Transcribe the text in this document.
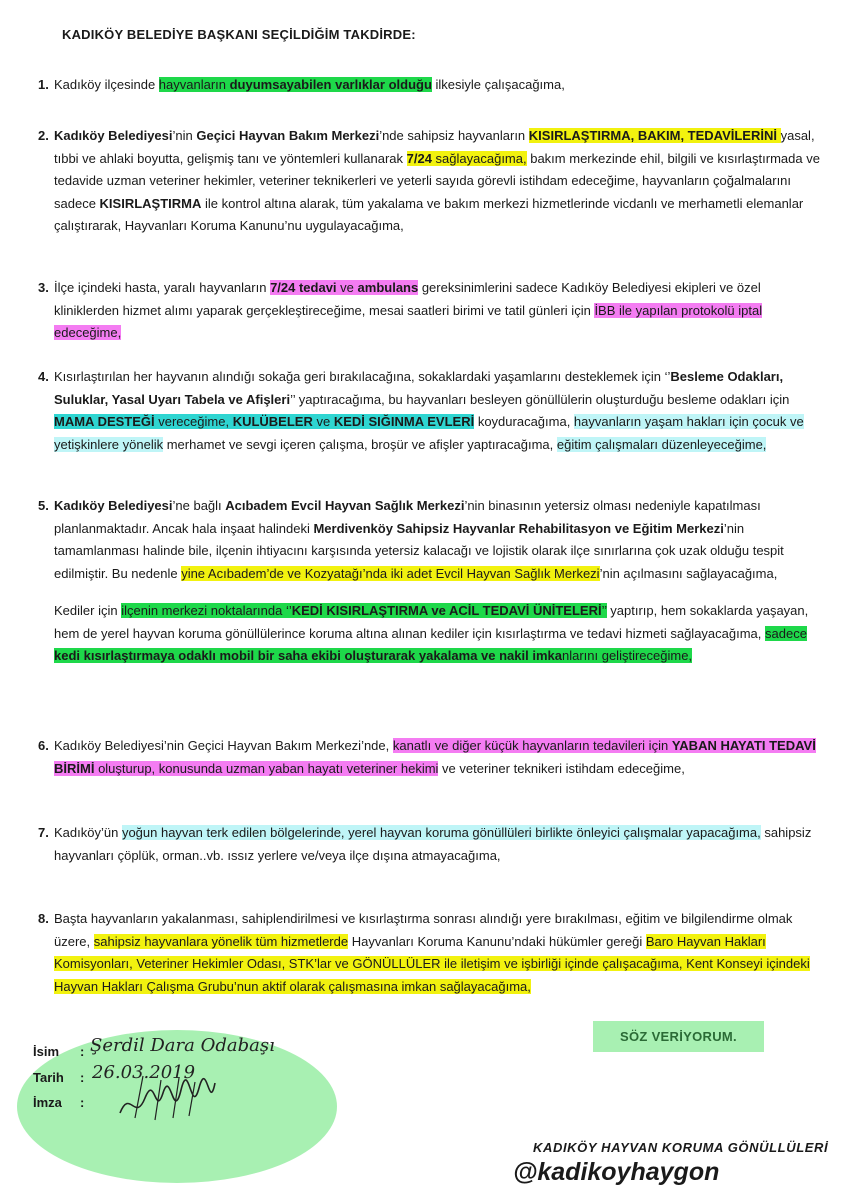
KADIKÖY BELEDİYE BAŞKANI SEÇİLDİĞİM TAKDİRDE:
1. Kadıköy ilçesinde hayvanların duyumsayabilen varlıklar olduğu ilkesiyle çalışacağıma,
2. Kadıköy Belediyesi’nin Geçici Hayvan Bakım Merkezi’nde sahipsiz hayvanların KISIRLAŞTIRMA, BAKIM, TEDAVİLERİNİ yasal, tıbbi ve ahlaki boyutta, gelişmiş tanı ve yöntemleri kullanarak 7/24 sağlayacağıma, bakım merkezinde ehil, bilgili ve kısırlaştırmada ve tedavide uzman veteriner hekimler, veteriner teknikerleri ve yeterli sayıda görevli istihdam edeceğime, hayvanların çoğalmalarını sadece KISIRLAŞTIRMA ile kontrol altına alarak, tüm yakalama ve bakım merkezi hizmetlerinde vicdanlı ve merhametli elemanlar çalıştırarak, Hayvanları Koruma Kanunu’nu uygulayacağıma,
3. İlçe içindeki hasta, yaralı hayvanların 7/24 tedavi ve ambulans gereksinimlerini sadece Kadıköy Belediyesi ekipleri ve özel kliniklerden hizmet alımı yaparak gerçekleştireceğime, mesai saatleri birimi ve tatil günleri için İBB ile yapılan protokolü iptal edeceğime,
4. Kısırlaştırılan her hayvanın alındığı sokağa geri bırakılacağına, sokaklardaki yaşamlarını desteklemek için ‘’Besleme Odakları, Suluklar, Yasal Uyarı Tabela ve Afişleri’’ yaptıracağıma, bu hayvanları besleyen gönüllülerin oluşturduğu besleme odakları için MAMA DESTEĞİ vereceğime, KULÜBELER ve KEDİ SIĞINMA EVLERİ koyduracağıma, hayvanların yaşam hakları için çocuk ve yetişkinlere yönelik merhamet ve sevgi içeren çalışma, broşür ve afişler yaptıracağıma, eğitim çalışmaları düzenleyeceğime,
5. Kadıköy Belediyesi’ne bağlı Acıbadem Evcil Hayvan Sağlık Merkezi’nin binasının yetersiz olması nedeniyle kapatılması planlanmaktadır. Ancak hala inşaat halindeki Merdivenköy Sahipsiz Hayvanlar Rehabilitasyon ve Eğitim Merkezi’nin tamamlanması halinde bile, ilçenin ihtiyacını karşısında yetersiz kalacağı ve lojistik olarak ilçe sınırlarına çok uzak olduğu tespit edilmiştir. Bu nedenle yine Acıbadem’de ve Kozyatağı’nda iki adet Evcil Hayvan Sağlık Merkezi’nin açılmasını sağlayacağıma,
Kediler için ilçenin merkezi noktalarında ‘’KEDİ KISIRLAŞTIRMA ve ACİL TEDAVİ ÜNİTELERİ’’ yaptırıp, hem sokaklarda yaşayan, hem de yerel hayvan koruma gönüllülerince koruma altına alınan kediler için kısırlaştırma ve tedavi hizmeti sağlayacağıma, sadece kedi kısırlaştırmaya odaklı mobil bir saha ekibi oluşturarak yakalama ve nakil imkanlarını geliştireceğime,
6. Kadıköy Belediyesi’nin Geçici Hayvan Bakım Merkezi’nde, kanatlı ve diğer küçük hayvanların tedavileri için YABAN HAYATI TEDAVİ BİRİMİ oluşturup, konusunda uzman yaban hayatı veteriner hekimi ve veteriner teknikeri istihdam edeceğime,
7. Kadıköy’ün yoğun hayvan terk edilen bölgelerinde, yerel hayvan koruma gönüllüleri birlikte önleyici çalışmalar yapacağıma, sahipsiz hayvanları çöplük, orman..vb. ıssız yerlere ve/veya ilçe dışına atmayacağıma,
8. Başta hayvanların yakalanması, sahiplendirilmesi ve kısırlaştırma sonrası alındığı yere bırakılması, eğitim ve bilgilendirme olmak üzere, sahipsiz hayvanlara yönelik tüm hizmetlerde Hayvanları Koruma Kanunu’ndaki hükümler gereği Baro Hayvan Hakları Komisyonları, Veteriner Hekimler Odası, STK’lar ve GÖNÜLLÜLER ile iletişim ve işbirliği içinde çalışacağıma, Kent Konseyi içindeki Hayvan Hakları Çalışma Grubu’nun aktif olarak çalışmasına imkan sağlayacağıma,
SÖZ VERİYORUM.
İsim :
Tarih :
İmza :
Şerdil Dara Odabaşı
26.03.2019
KADIKÖY HAYVAN KORUMA GÖNÜLLÜLERİ
@kadikoyhaygon
